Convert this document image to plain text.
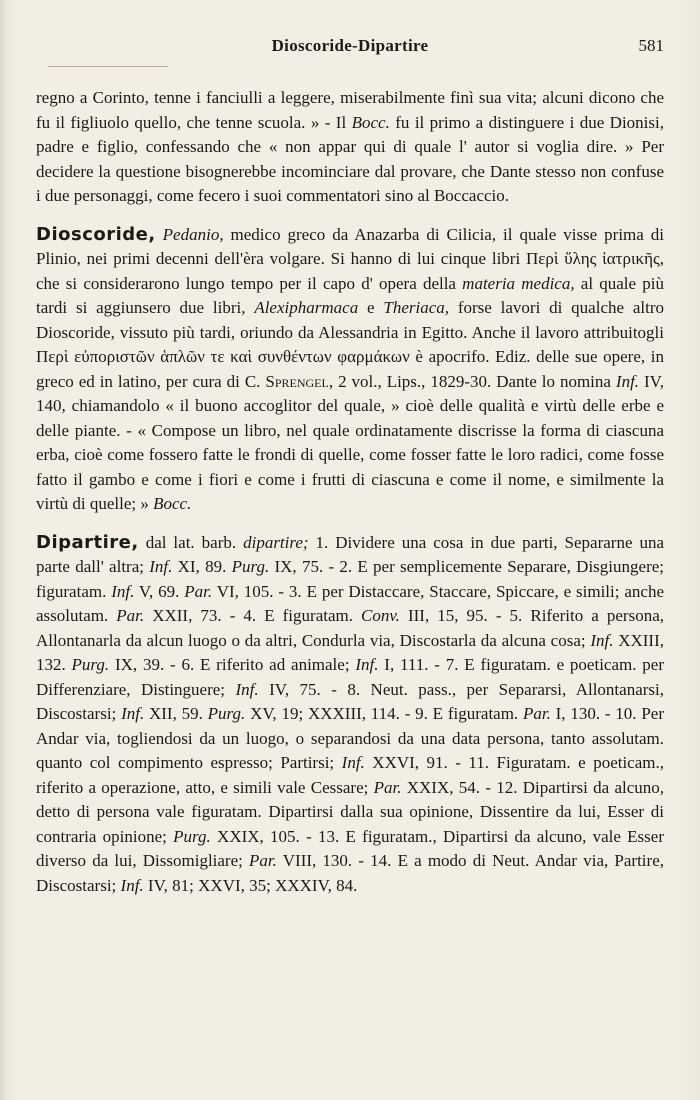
Dioscoride-Dipartire	581

regno a Corinto, tenne i fanciulli a leggere, miserabilmente finì sua vita; alcuni dicono che fu il figliuolo quello, che tenne scuola. » - Il Bocc. fu il primo a distinguere i due Dionisi, padre e figlio, confessando che « non appar qui di quale l' autor si voglia dire. » Per decidere la questione bisognerebbe incominciare dal provare, che Dante stesso non confuse i due personaggi, come fecero i suoi commentatori sino al Boccaccio.

Dioscoride, Pedanio, medico greco da Anazarba di Cilicia, il quale visse prima di Plinio, nei primi decenni dell'èra volgare. Si hanno di lui cinque libri Περὶ ὕλης ἰατρικῆς, che si considerarono lungo tempo per il capo d' opera della materia medica, al quale più tardi si aggiunsero due libri, Alexipharmaca e Theriaca, forse lavori di qualche altro Dioscoride, vissuto più tardi, oriundo da Alessandria in Egitto. Anche il lavoro attribuitogli Περὶ εὐποριστῶν ἁπλῶν τε καὶ συνθέντων φαρμάκων è apocrifo. Ediz. delle sue opere, in greco ed in latino, per cura di C. Sprengel, 2 vol., Lips., 1829-30. Dante lo nomina Inf. IV, 140, chiamandolo « il buono accoglitor del quale, » cioè delle qualità e virtù delle erbe e delle piante. - « Compose un libro, nel quale ordinatamente discrisse la forma di ciascuna erba, cioè come fossero fatte le frondi di quelle, come fosser fatte le loro radici, come fosse fatto il gambo e come i fiori e come i frutti di ciascuna e come il nome, e similmente la virtù di quelle; » Bocc.

Dipartire, dal lat. barb. dipartire; 1. Dividere una cosa in due parti, Separarne una parte dall' altra; Inf. XI, 89. Purg. IX, 75. - 2. E per semplicemente Separare, Disgiungere; figuratam. Inf. V, 69. Par. VI, 105. - 3. E per Distaccare, Staccare, Spiccare, e simili; anche assolutam. Par. XXII, 73. - 4. E figuratam. Conv. III, 15, 95. - 5. Riferito a persona, Allontanarla da alcun luogo o da altri, Condurla via, Discostarla da alcuna cosa; Inf. XXIII, 132. Purg. IX, 39. - 6. E riferito ad animale; Inf. I, 111. - 7. E figuratam. e poeticam. per Differenziare, Distinguere; Inf. IV, 75. - 8. Neut. pass., per Separarsi, Allontanarsi, Discostarsi; Inf. XII, 59. Purg. XV, 19; XXXIII, 114. - 9. E figuratam. Par. I, 130. - 10. Per Andar via, togliendosi da un luogo, o separandosi da una data persona, tanto assolutam. quanto col compimento espresso; Partirsi; Inf. XXVI, 91. - 11. Figuratam. e poeticam., riferito a operazione, atto, e simili vale Cessare; Par. XXIX, 54. - 12. Dipartirsi da alcuno, detto di persona vale figuratam. Dipartirsi dalla sua opinione, Dissentire da lui, Esser di contraria opinione; Purg. XXIX, 105. - 13. E figuratam., Dipartirsi da alcuno, vale Esser diverso da lui, Dissomigliare; Par. VIII, 130. - 14. E a modo di Neut. Andar via, Partire, Discostarsi; Inf. IV, 81; XXVI, 35; XXXIV, 84.
